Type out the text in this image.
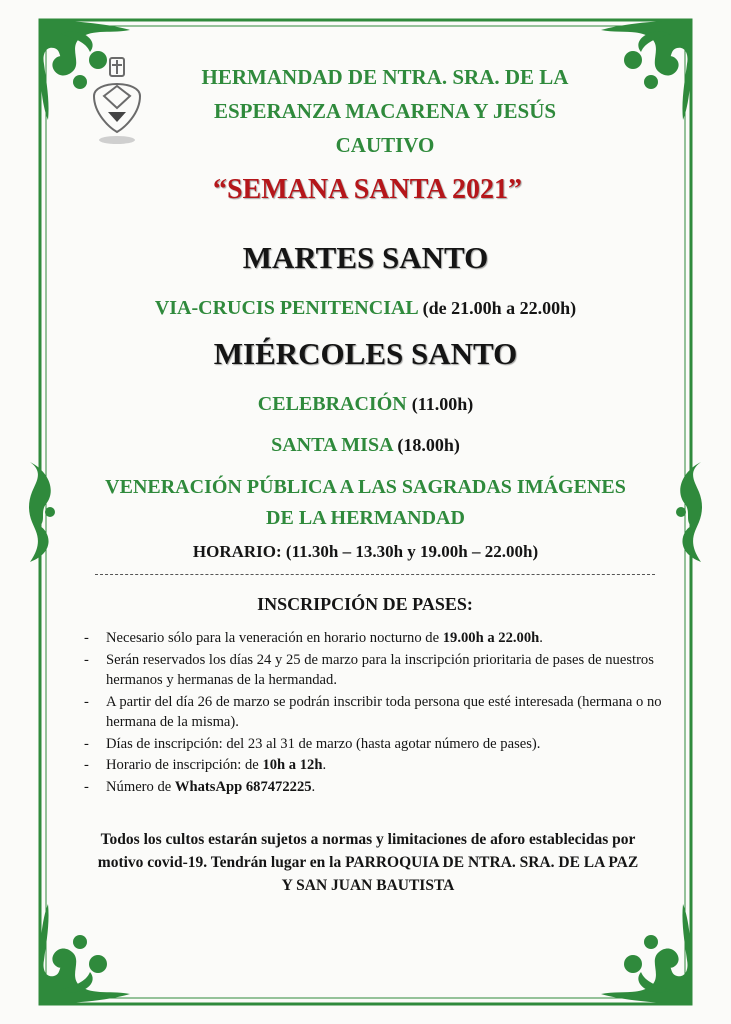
HERMANDAD DE NTRA. SRA. DE LA
ESPERANZA MACARENA Y JESÚS
CAUTIVO
“SEMANA SANTA 2021”
MARTES SANTO
VIA-CRUCIS PENITENCIAL (de 21.00h a 22.00h)
MIÉRCOLES SANTO
CELEBRACIÓN (11.00h)
SANTA MISA (18.00h)
VENERACIÓN PÚBLICA A LAS SAGRADAS IMÁGENES
DE LA HERMANDAD
HORARIO: (11.30h – 13.30h y 19.00h – 22.00h)
INSCRIPCIÓN DE PASES:
- Necesario sólo para la veneración en horario nocturno de 19.00h a 22.00h.
- Serán reservados los días 24 y 25 de marzo para la inscripción prioritaria de pases de nuestros hermanos y hermanas de la hermandad.
- A partir del día 26 de marzo se podrán inscribir toda persona que esté interesada (hermana o no hermana de la misma).
- Días de inscripción: del 23 al 31 de marzo (hasta agotar número de pases).
- Horario de inscripción: de 10h a 12h.
- Número de WhatsApp 687472225.
Todos los cultos estarán sujetos a normas y limitaciones de aforo establecidas por
motivo covid-19. Tendrán lugar en la PARROQUIA DE NTRA. SRA. DE LA PAZ
Y SAN JUAN BAUTISTA
